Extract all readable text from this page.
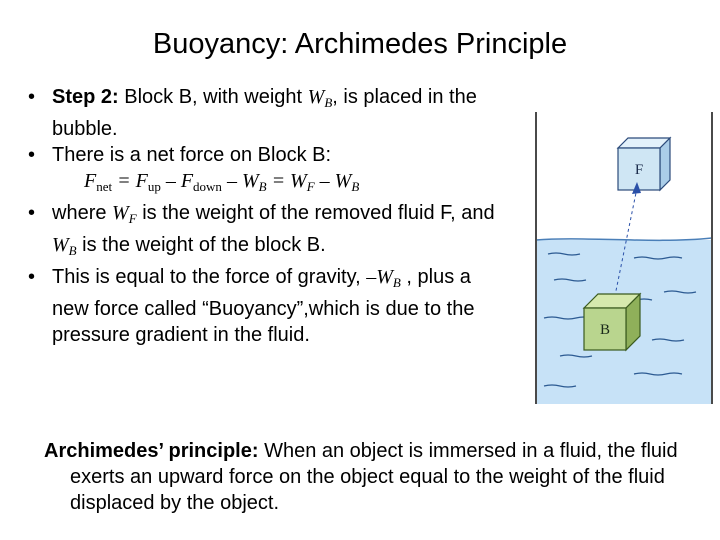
Buoyancy: Archimedes Principle

• Step 2: Block B, with weight $W_B$, is placed in the bubble.

• There is a net force on Block B:

$F_{net} = F_{up} - F_{down} - W_B = W_F - W_B$

• where $W_F$ is the weight of the removed fluid F, and $W_B$ is the weight of the block B.

• This is equal to the force of gravity, $-W_B$ , plus a new force called “Buoyancy”,which is due to the pressure gradient in the fluid.

F
B
Archimedes’ principle: When an object is immersed in a fluid, the fluid exerts an upward force on the object equal to the weight of the fluid displaced by the object.
